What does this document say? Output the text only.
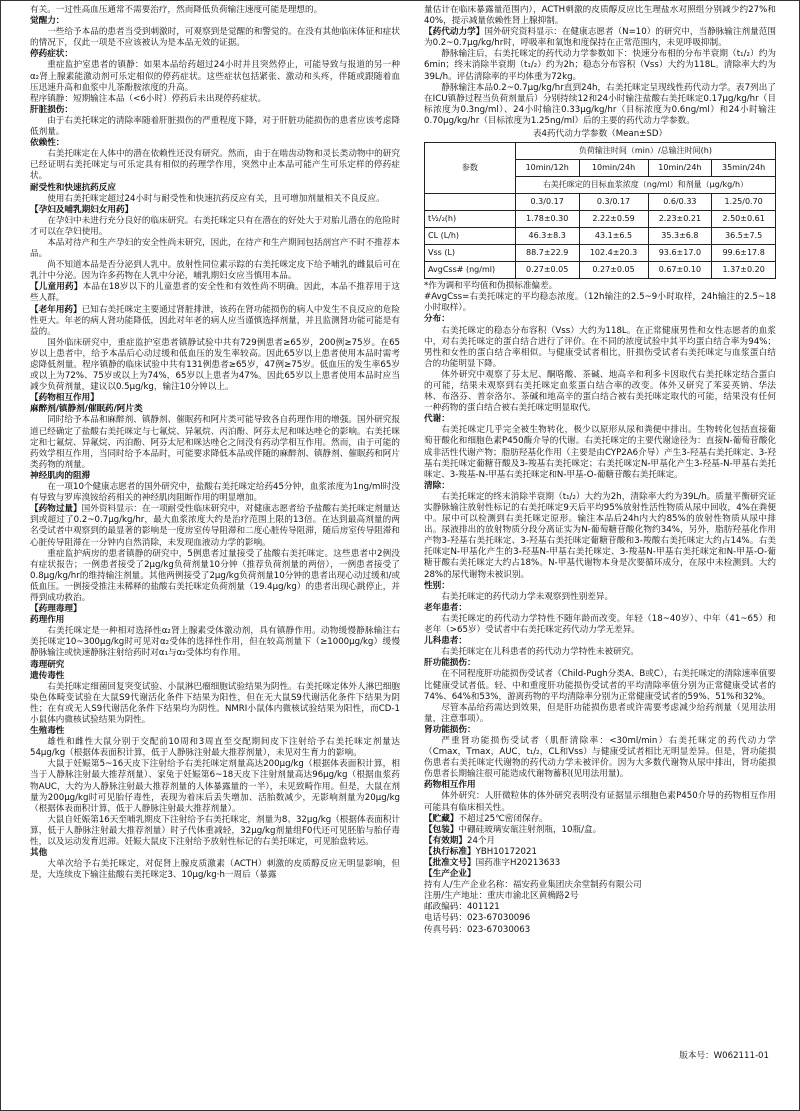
有关。一过性高血压通常不需要治疗，然而降低负荷输注速度可能是理想的。

觉醒力：

一些给予本品的患者当受到刺激时，可观察到是觉醒的和警觉的。在没有其他临床体征和症状的情况下，仅此一项是不应该被认为是本品无效的证据。

停药症状：

重症监护室患者的镇静：如果本品给药超过24小时并且突然停止，可能导致与报道的另一种α₂肾上腺素能激动剂可乐定相似的停药症状。这些症状包括紧张、激动和头疼，伴随或跟随着血压迅速升高和血浆中儿茶酚胺浓度的升高。

程序镇静：短期输注本品（<6小时）停药后未出现停药症状。

肝脏损伤：

由于右美托咪定的清除率随着肝脏损伤的严重程度下降，对于肝脏功能损伤的患者应该考虑降低剂量。

依赖性：

右美托咪定在人体中的潜在依赖性还没有研究。然而，由于在啮齿动物和灵长类动物中的研究已经证明右美托咪定与可乐定具有相似的药理学作用，突然中止本品可能产生可乐定样的停药症状。

耐受性和快速抗药反应

使用右美托咪定超过24小时与耐受性和快速抗药反应有关，且可增加剂量相关不良反应。

【 孕妇及哺乳期妇女用药 】

在孕妇中未进行充分良好的临床研究。右美托咪定只有在潜在的好处大于对胎儿潜在的危险时才可以在孕妇使用。

本品对待产和生产孕妇的安全性尚未研究，因此，在待产和生产期间包括剖宫产不时不推荐本品。

尚不知道本品是否分泌到人乳中。放射性同位素示踪的右美托咪定皮下给予哺乳的雌鼠后可在乳汁中分泌。因为许多药物在人乳中分泌，哺乳期妇女应当慎用本品。

【 儿童用药 】 本品在18岁以下的儿童患者的安全性和有效性尚不明确。因此，本品不推荐用于这些人群。

【 老年用药 】 已知右美托咪定主要通过肾脏排泄，该药在肾功能损伤的病人中发生不良反应的危险性更大。年老的病人肾功能降低，因此对年老的病人应当谨慎选择剂量，并且监测肾功能可能是有益的。

国外临床研究中，重症监护室患者镇静试验中共有729例患者≥65岁，200例≥75岁。在65岁以上患者中，给予本品后心动过缓和低血压的发生率较高。因此65岁以上患者使用本品时需考虑降低剂量。程序镇静的临床试验中共有131例患者≥65岁，47例≥75岁。低血压的发生率65岁或以上为72%、75岁或以上为74%，65岁以上患者为47%。因此65岁以上患者使用本品时应当减少负荷剂量，建议以0.5μg/kg，输注10分钟以上。

【 药物相互作用 】

麻醉剂/镇静剂/催眠药/阿片类

同时给予本品和麻醉剂、镇静剂、催眠药和阿片类可能导致各自药理作用的增强。国外研究报道已经确定了盐酸右美托咪定与七氟烷、异氟烷、丙泊酚、阿芬太尼和咪达唑仑的影响。右美托咪定和七氟烷、异氟烷、丙泊酚、阿芬太尼和咪达唑仑之间没有药动学相互作用。然而，由于可能的药效学相互作用，当同时给予本品时，可能要求降低本品或伴随的麻醉剂、镇静剂、催眠药和阿片类药物的剂量。

神经肌肉的阻滞

在一项10个健康志愿者的国外研究中，盐酸右美托咪定给药45分钟，血浆浓度为1ng/ml时没有导致与罗库溴铵给药相关的神经肌肉阻断作用的明显增加。

【 药物过量 】 国外资料显示：在一项耐受性临床研究中，对健康志愿者给予盐酸右美托咪定剂量达到或超过了0.2~0.7μg/kg/hr，最大血浆浓度大约是治疗范围上限的13倍。在达到最高剂量的两名受试者中观察到的最显著的影响是一度房室传导阻滞和二度心脏传导阻滞，随后房室传导阻滞和心脏传导阻滞在一分钟内自然消除，未发现血液动力学的影响。

重症监护病房的患者镇静的研究中，5例患者过量接受了盐酸右美托咪定。这些患者中2例没有症状报告；一例患者接受了2μg/kg负荷剂量10分钟（推荐负荷剂量的两倍），一例患者接受了0.8μg/kg/hr的维持输注剂量。其他两例接受了2μg/kg负荷剂量10分钟的患者出现心动过缓和/或低血压。一例接受推注未稀释的盐酸右美托咪定负荷剂量（19.4μg/kg）的患者出现心跳停止，并得到成功救治。

【 药理毒理 】

药理作用

右美托咪定是一种相对选择性α₂肾上腺素受体激动剂，具有镇静作用。动物缓慢静脉输注右美托咪定10~300μg/kg时可见对α₂受体的选择性作用，但在较高剂量下（≥1000μg/kg）缓慢静脉输注或快速静脉注射给药时对α₁与α₂受体均有作用。

毒理研究
遗传毒性

右美托咪定细菌回复突变试验、小鼠淋巴瘤细胞试验结果为阴性。右美托咪定体外人淋巴细胞染色体畸变试验在大鼠S9代谢活化条件下结果为阳性，但在无大鼠S9代谢活化条件下结果为阴性；在有或无人S9代谢活化条件下结果均为阴性。NMRI小鼠体内微核试验结果为阳性，而CD-1小鼠体内微核试验结果为阴性。

生殖毒性

雄性和雌性大鼠分别于交配前10周和3周直至交配期间皮下注射给予右美托咪定剂量达54μg/kg（根据体表面积计算，低于人静脉注射最大推荐剂量），未见对生育力的影响。

大鼠于妊娠第5~16天皮下注射给予右美托咪定剂量高达200μg/kg（根据体表面积计算，相当于人静脉注射最大推荐剂量）、家兔于妊娠第6~18天皮下注射剂量高达96μg/kg（根据血浆药物AUC，大约为人静脉注射最大推荐剂量的人体暴露量的一半），未见致畸作用。但是，大鼠在剂量为200μg/kg时可见胎仔毒性，表现为着床后丢失增加、活胎数减少，无影响剂量为20μg/kg（根据体表面积计算，低于人静脉注射最大推荐剂量）。

大鼠自妊娠第16天至哺乳期皮下注射给予右美托咪定，剂量为8、32μg/kg（根据体表面积计算，低于人静脉注射最大推荐剂量）时子代体重减轻，32μg/kg剂量组F0代还可见胚胎与胎仔毒性，以及运动发育迟滞。妊娠大鼠皮下注射给予放射性标记的右美托咪定，可见胎盘转运。

其他

大单次给予右美托咪定，对促肾上腺皮质激素（ACTH）刺激的皮质醇反应无明显影响，但是，大连续皮下输注盐酸右美托咪定3、10μg/kg·h一周后（暴露

量估计在临床暴露量范围内），ACTH刺激的皮质醇反应比生理盐水对照组分别减少约27%和40%，提示减量依赖性肾上腺抑制。

【 药代动力学 】 国外研究资料显示：在健康志愿者（N=10）的研究中，当静脉输注剂量范围为0.2~0.7μg/kg/hr时，呼吸率和氧饱和度保持在正常范围内，未见呼吸抑制。

静脉输注后，右美托咪定的药代动力学参数如下：快速分布相的分布半衰期（t₁/₂）约为6min；终末消除半衰期（t₁/₂）约为2h；稳态分布容积（Vss）大约为118L。清除率大约为39L/h。评估清除率的平均体重为72kg。

静脉输注本品0.2~0.7μg/kg/hr直到24h，右美托咪定呈现线性药代动力学。表7列出了在ICU镇静过程当负荷剂量后）分别持续12和24小时输注盐酸右美托咪定0.17μg/kg/hr（目标浓度为0.3ng/ml）、24小时输注0.33μg/kg/hr（目标浓度为0.6ng/ml）和24小时输注0.70μg/kg/hr（目标浓度为1.25ng/ml）后的主要的药代动力学参数。

表4药代动力学参数（Mean±SD）
参数	负荷输注时间（min）/总输注时间(h)			
	10min/12h	10min/24h	10min/24h	35min/24h
	右美托咪定的目标血浆浓度（ng/ml）和剂量（μg/kg/h）			
	0.3/0.17	0.3/0.17	0.6/0.33	1.25/0.70
t½/₂(h)	1.78±0.30	2.22±0.59	2.23±0.21	2.50±0.61
CL (L/h)	46.3±8.3	43.1±6.5	35.3±6.8	36.5±7.5
Vss (L)	88.7±22.9	102.4±20.3	93.6±17.0	99.6±17.8
AvgCss# (ng/ml)	0.27±0.05	0.27±0.05	0.67±0.10	1.37±0.20

*作为调和平均值和伪损标准偏差。

#AvgCss=右美托咪定的平均稳态浓度。（12h输注的2.5~9小时取样，24h输注的2.5~18小时取样）。

分布：

右美托咪定的稳态分布容积（Vss）大约为118L。在正常健康男性和女性志愿者的血浆中，对右美托咪定的蛋白结合进行了评价。在不同的浓度试验中其平均蛋白结合率为94%；男性和女性的蛋白结合率相似。与健康受试者相比，肝损伤受试者右美托咪定与血浆蛋白结合的功能明显下降。

体外研究中观察了芬太尼、酮咯酸、茶碱、地高辛和利多卡因取代右美托咪定结合蛋白的可能，结果未观察到右美托咪定血浆蛋白结合率的改变。体外又研究了苯妥英钠、华法林、布洛芬、普奈洛尔、茶碱和地高辛的蛋白结合被右美托咪定取代的可能，结果没有任何一种药物的蛋白结合被右美托咪定明显取代。

代谢：

右美托咪定几乎完全被生物转化，极少以原形从尿和粪便中排出。生物转化包括直接葡萄苷酸化和细胞色素P450酶介导的代谢。右美托咪定的主要代谢途径为：直接N-葡萄苷酸化成非活性代谢产物；脂肪羟基化作用（主要是由CYP2A6介导）产生3-羟基右美托咪定、3-羟基右美托咪定葡糖苷酸及3-羧基右美托咪定；右美托咪定N-甲基化产生3-羟基-N-甲基右美托咪定、3-羧基-N-甲基右美托咪定和N-甲基-O-葡糖苷酸右美托咪定。

清除：

右美托咪定的终末消除半衰期（t₁/₂）大约为2h，清除率大约为39L/h。质量平衡研究证实静脉输注放射性标记的右美托咪定9天后平均95%放射性活性物质从尿中回收，4%在粪便中。尿中可以检测到右美托咪定原形。输注本品后24h内大约85%的放射性物质从尿中排出。尿液排出的放射物质分段分离证实为N-葡萄糖苷酸化物约34%，另外，脂肪羟基化作用产物3-羟基右美托咪定、3-羟基右美托咪定葡糖苷酸和3-羧酸右美托咪定大约占14%。右美托咪定N-甲基化产生的3-羟基N-甲基右美托咪定、3-羧基N-甲基右美托咪定和N-甲基-O-葡糖苷酸右美托咪定大约占18%。N-甲基代谢物本身是次要循环成分，在尿中未检测到。大约28%的尿代谢物未被识别。

性别：

右美托咪定的药代动力学未观察到性别差异。

老年患者：

右美托咪定的药代动力学特性不随年龄而改变。年轻（18~40岁）、中年（41~65）和老年（>65岁）受试者中右美托咪定药代动力学无差异。

儿科患者：

右美托咪定在儿科患者的药代动力学特性未被研究。

肝功能损伤：

在不同程度肝功能损伤受试者（Child-Pugh分类A、B或C），右美托咪定的清除速率值要比健康受试者低。轻、中和重度肝功能损伤受试者的平均清除率值分别为正常健康受试者的74%、64%和53%，游离药物的平均清除率分别为正常健康受试者的59%、51%和32%。

尽管本品给药需达到效果，但是肝功能损伤患者或许需要考虑减少给药剂量（见用法用量，注意事项）。

肾功能损伤：

严重肾功能损伤受试者（肌酐清除率：<30ml/min）右美托咪定的药代动力学（Cmax，Tmax，AUC，t₁/₂，CL和Vss）与健康受试者相比无明显差异。但是，肾功能损伤患者右美托咪定代谢物的药代动力学未被评价。因为大多数代谢物从尿中排出，肾功能损伤患者长期输注很可能造成代谢物蓄积(见用法用量)。

药物相互作用

体外研究：人肝微粒体的体外研究表明没有证据显示细胞色素P450介导的药物相互作用可能具有临床相关性。

【 贮藏 】 不超过25℃密闭保存。

【 包装 】 中硼硅玻璃安瓿注射剂瓶，10瓶/盒。

【 有效期 】 24个月

【 执行标准 】 YBH10172021

【 批准文号 】 国药准字H20213633

【 生产企业 】

持有人/生产企业名称：福安药业集团庆余堂制药有限公司

注册/生产地址：重庆市渝北区黄桷路2号

邮政编码：401121

电话号码：023-67030096

传真号码：023-67030063

版本号：W062111-01
